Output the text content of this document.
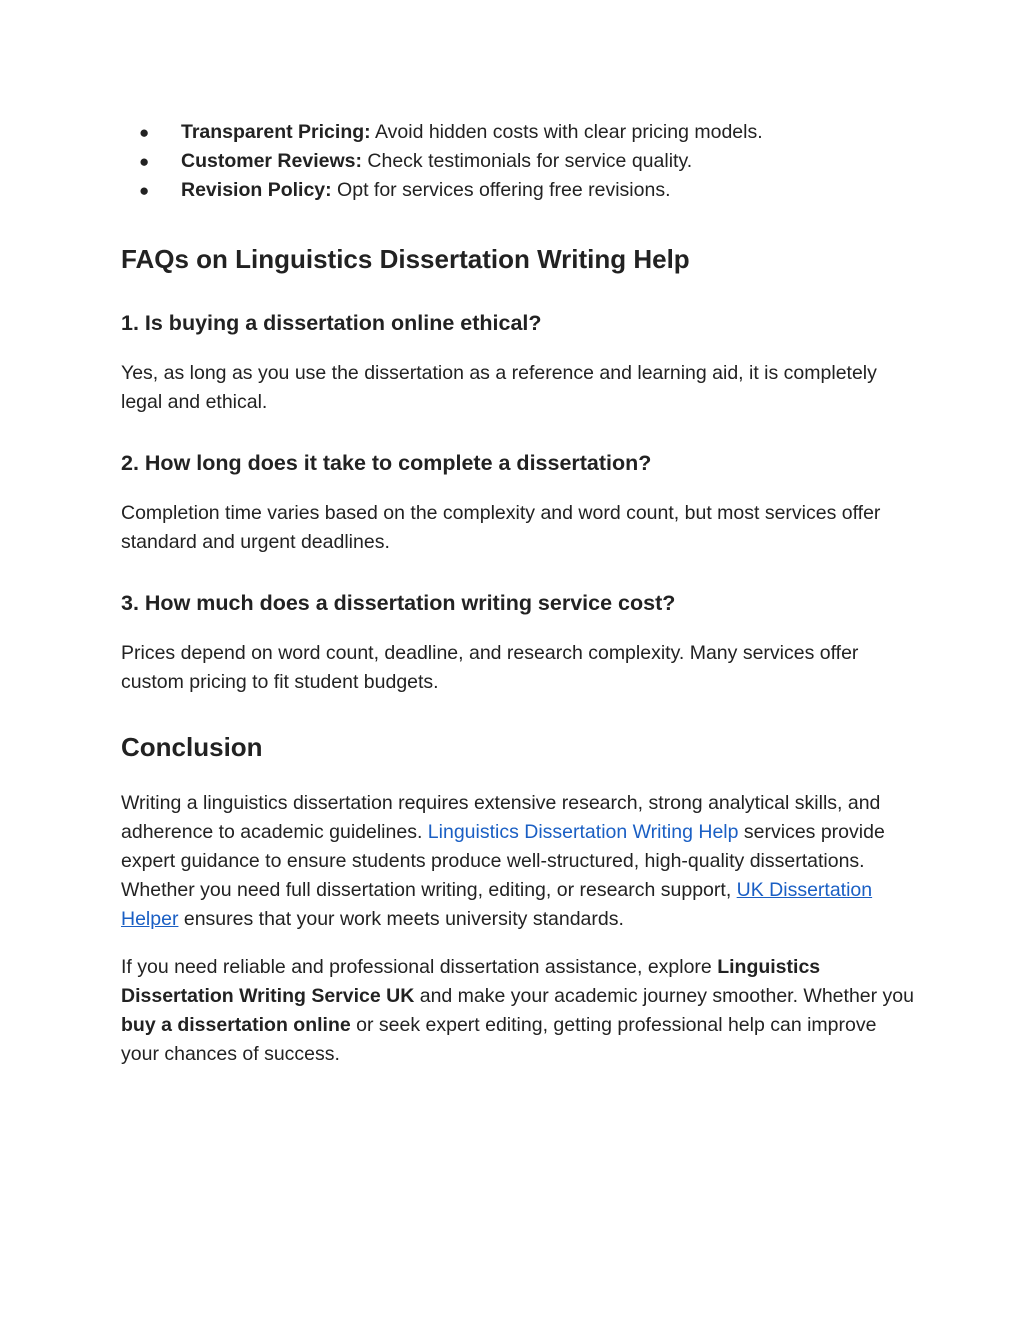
● Transparent Pricing: Avoid hidden costs with clear pricing models.
● Customer Reviews: Check testimonials for service quality.
● Revision Policy: Opt for services offering free revisions.
FAQs on Linguistics Dissertation Writing Help
1. Is buying a dissertation online ethical?

Yes, as long as you use the dissertation as a reference and learning aid, it is completely legal and ethical.

2. How long does it take to complete a dissertation?

Completion time varies based on the complexity and word count, but most services offer standard and urgent deadlines.

3. How much does a dissertation writing service cost?

Prices depend on word count, deadline, and research complexity. Many services offer custom pricing to fit student budgets.

Conclusion

Writing a linguistics dissertation requires extensive research, strong analytical skills, and adherence to academic guidelines. Linguistics Dissertation Writing Help services provide expert guidance to ensure students produce well-structured, high-quality dissertations. Whether you need full dissertation writing, editing, or research support, UK Dissertation Helper ensures that your work meets university standards.

If you need reliable and professional dissertation assistance, explore Linguistics Dissertation Writing Service UK and make your academic journey smoother. Whether you buy a dissertation online or seek expert editing, getting professional help can improve your chances of success.
